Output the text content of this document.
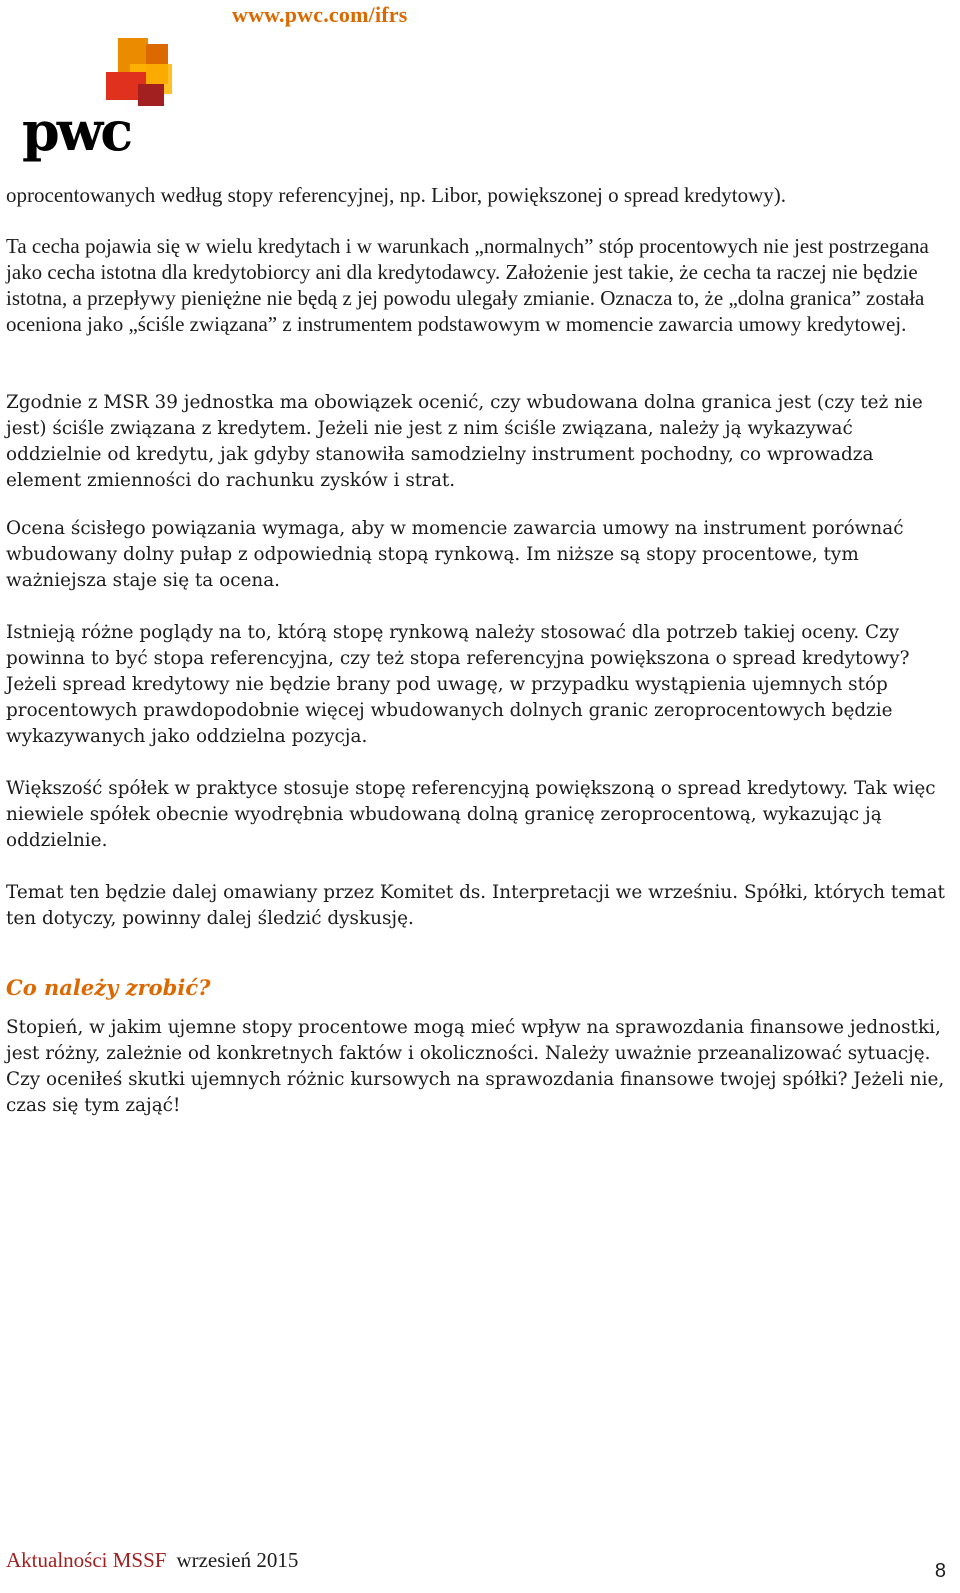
www.pwc.com/ifrs
pwc

oprocentowanych według stopy referencyjnej, np. Libor, powiększonej o spread kredytowy).

Ta cecha pojawia się w wielu kredytach i w warunkach „normalnych” stóp procentowych nie jest postrzegana jako cecha istotna dla kredytobiorcy ani dla kredytodawcy. Założenie jest takie, że cecha ta raczej nie będzie istotna, a przepływy pieniężne nie będą z jej powodu ulegały zmianie. Oznacza to, że „dolna granica” została oceniona jako „ściśle związana” z instrumentem podstawowym w momencie zawarcia umowy kredytowej.

Zgodnie z MSR 39 jednostka ma obowiązek ocenić, czy wbudowana dolna granica jest (czy też nie jest) ściśle związana z kredytem. Jeżeli nie jest z nim ściśle związana, należy ją wykazywać oddzielnie od kredytu, jak gdyby stanowiła samodzielny instrument pochodny, co wprowadza element zmienności do rachunku zysków i strat.

Ocena ścisłego powiązania wymaga, aby w momencie zawarcia umowy na instrument porównać wbudowany dolny pułap z odpowiednią stopą rynkową. Im niższe są stopy procentowe, tym ważniejsza staje się ta ocena.

Istnieją różne poglądy na to, którą stopę rynkową należy stosować dla potrzeb takiej oceny. Czy powinna to być stopa referencyjna, czy też stopa referencyjna powiększona o spread kredytowy? Jeżeli spread kredytowy nie będzie brany pod uwagę, w przypadku wystąpienia ujemnych stóp procentowych prawdopodobnie więcej wbudowanych dolnych granic zeroprocentowych będzie wykazywanych jako oddzielna pozycja.

Większość spółek w praktyce stosuje stopę referencyjną powiększoną o spread kredytowy. Tak więc niewiele spółek obecnie wyodrębnia wbudowaną dolną granicę zeroprocentową, wykazując ją oddzielnie.

Temat ten będzie dalej omawiany przez Komitet ds. Interpretacji we wrześniu. Spółki, których temat ten dotyczy, powinny dalej śledzić dyskusję.

Co należy zrobić?

Stopień, w jakim ujemne stopy procentowe mogą mieć wpływ na sprawozdania finansowe jednostki, jest różny, zależnie od konkretnych faktów i okoliczności. Należy uważnie przeanalizować sytuację. Czy oceniłeś skutki ujemnych różnic kursowych na sprawozdania finansowe twojej spółki? Jeżeli nie, czas się tym zająć!

Aktualności MSSF wrzesień 2015	8
